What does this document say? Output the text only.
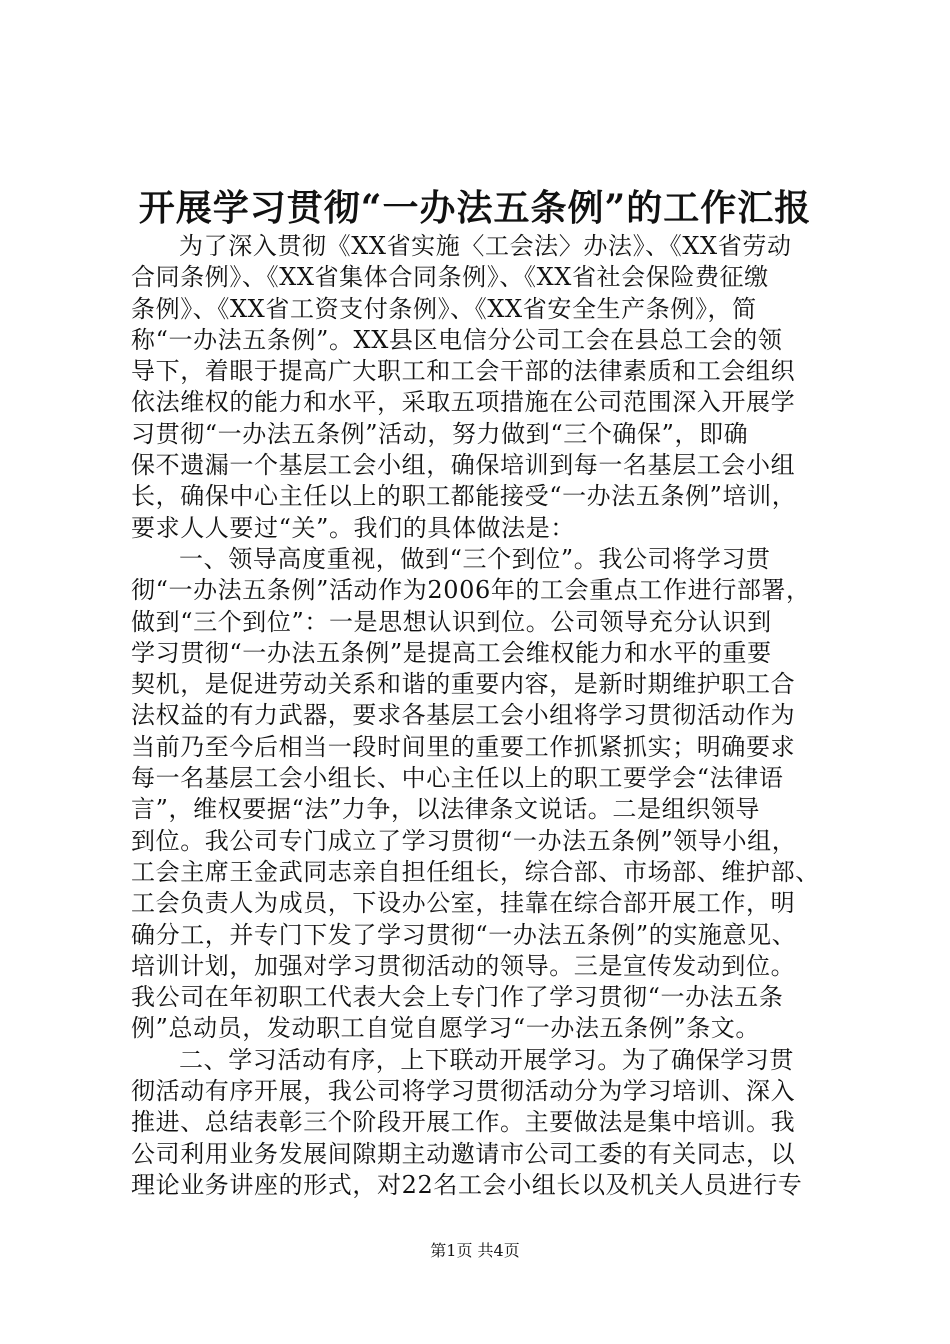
开展学习贯彻“一办法五条例”的工作汇报
为了深入贯彻《XX省实施〈工会法〉办法》、《XX省劳动
合同条例》、《XX省集体合同条例》、《XX省社会保险费征缴
条例》、《XX省工资支付条例》、《XX省安全生产条例》，简
称“一办法五条例”。XX县区电信分公司工会在县总工会的领
导下，着眼于提高广大职工和工会干部的法律素质和工会组织
依法维权的能力和水平，采取五项措施在公司范围深入开展学
习贯彻“一办法五条例”活动，努力做到“三个确保”，即确
保不遗漏一个基层工会小组，确保培训到每一名基层工会小组
长，确保中心主任以上的职工都能接受“一办法五条例”培训，
要求人人要过“关”。我们的具体做法是：
一、领导高度重视，做到“三个到位”。我公司将学习贯
彻“一办法五条例”活动作为2006年的工会重点工作进行部署，
做到“三个到位”：一是思想认识到位。公司领导充分认识到
学习贯彻“一办法五条例”是提高工会维权能力和水平的重要
契机，是促进劳动关系和谐的重要内容，是新时期维护职工合
法权益的有力武器，要求各基层工会小组将学习贯彻活动作为
当前乃至今后相当一段时间里的重要工作抓紧抓实；明确要求
每一名基层工会小组长、中心主任以上的职工要学会“法律语
言”，维权要据“法”力争，以法律条文说话。二是组织领导
到位。我公司专门成立了学习贯彻“一办法五条例”领导小组，
工会主席王金武同志亲自担任组长，综合部、市场部、维护部、
工会负责人为成员，下设办公室，挂靠在综合部开展工作，明
确分工，并专门下发了学习贯彻“一办法五条例”的实施意见、
培训计划，加强对学习贯彻活动的领导。三是宣传发动到位。
我公司在年初职工代表大会上专门作了学习贯彻“一办法五条
例”总动员，发动职工自觉自愿学习“一办法五条例”条文。
二、学习活动有序，上下联动开展学习。为了确保学习贯
彻活动有序开展，我公司将学习贯彻活动分为学习培训、深入
推进、总结表彰三个阶段开展工作。主要做法是集中培训。我
公司利用业务发展间隙期主动邀请市公司工委的有关同志，以
理论业务讲座的形式，对22名工会小组长以及机关人员进行专
第1页 共4页
